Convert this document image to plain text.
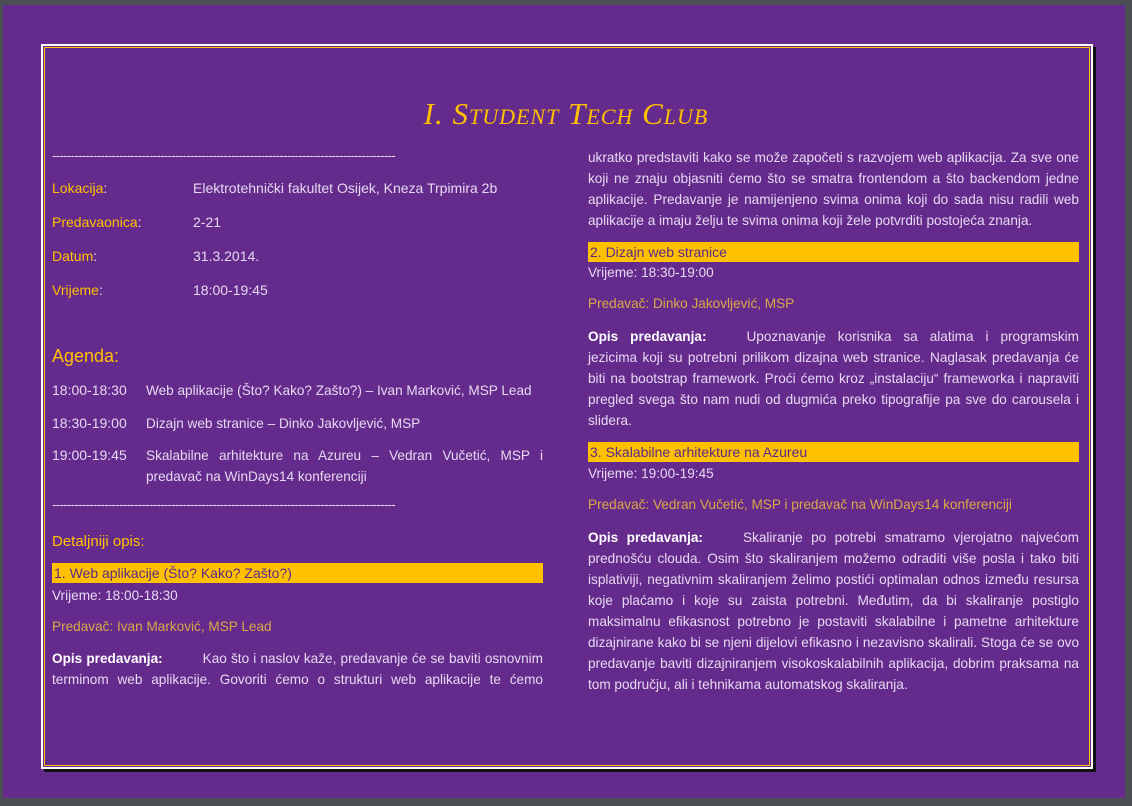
I. Student Tech Club
--------------------------------------------------------------------------------------------
Lokacija:	Elektrotehnički fakultet Osijek, Kneza Trpimira 2b
Predavaonica:	2-21
Datum:	31.3.2014.
Vrijeme:	18:00-19:45
Agenda:
18:00-18:30 Web aplikacije (Što? Kako? Zašto?) – Ivan Marković, MSP Lead
18:30-19:00 Dizajn web stranice – Dinko Jakovljević, MSP
19:00-19:45 Skalabilne arhitekture na Azureu – Vedran Vučetić, MSP i predavač na WinDays14 konferenciji
--------------------------------------------------------------------------------------------
Detaljniji opis:
1. Web aplikacije (Što? Kako? Zašto?)
Vrijeme: 18:00-18:30
Predavač: Ivan Marković, MSP Lead
Opis predavanja:	Kao što i naslov kaže, predavanje će se baviti osnovnim terminom web aplikacije. Govoriti ćemo o strukturi web aplikacije te ćemo
ukratko predstaviti kako se može započeti s razvojem web aplikacija. Za sve one koji ne znaju objasniti ćemo što se smatra frontendom a što backendom jedne aplikacije. Predavanje je namijenjeno svima onima koji do sada nisu radili web aplikacije a imaju želju te svima onima koji žele potvrditi postojeća znanja.
2. Dizajn web stranice
Vrijeme: 18:30-19:00
Predavač: Dinko Jakovljević, MSP
Opis predavanja:	Upoznavanje korisnika sa alatima i programskim jezicima koji su potrebni prilikom dizajna web stranice. Naglasak predavanja će biti na bootstrap framework. Proći ćemo kroz „instalaciju“ frameworka i napraviti pregled svega što nam nudi od dugmića preko tipografije pa sve do carousela i slidera.
3. Skalabilne arhitekture na Azureu
Vrijeme: 19:00-19:45
Predavač: Vedran Vučetić, MSP i predavač na WinDays14 konferenciji
Opis predavanja:	Skaliranje po potrebi smatramo vjerojatno najvećom prednošću clouda. Osim što skaliranjem možemo odraditi više posla i tako biti isplativiji, negativnim skaliranjem želimo postići optimalan odnos između resursa koje plaćamo i koje su zaista potrebni. Međutim, da bi skaliranje postiglo maksimalnu efikasnost potrebno je postaviti skalabilne i pametne arhitekture dizajnirane kako bi se njeni dijelovi efikasno i nezavisno skalirali. Stoga će se ovo predavanje baviti dizajniranjem visokoskalabilnih aplikacija, dobrim praksama na tom području, ali i tehnikama automatskog skaliranja.
